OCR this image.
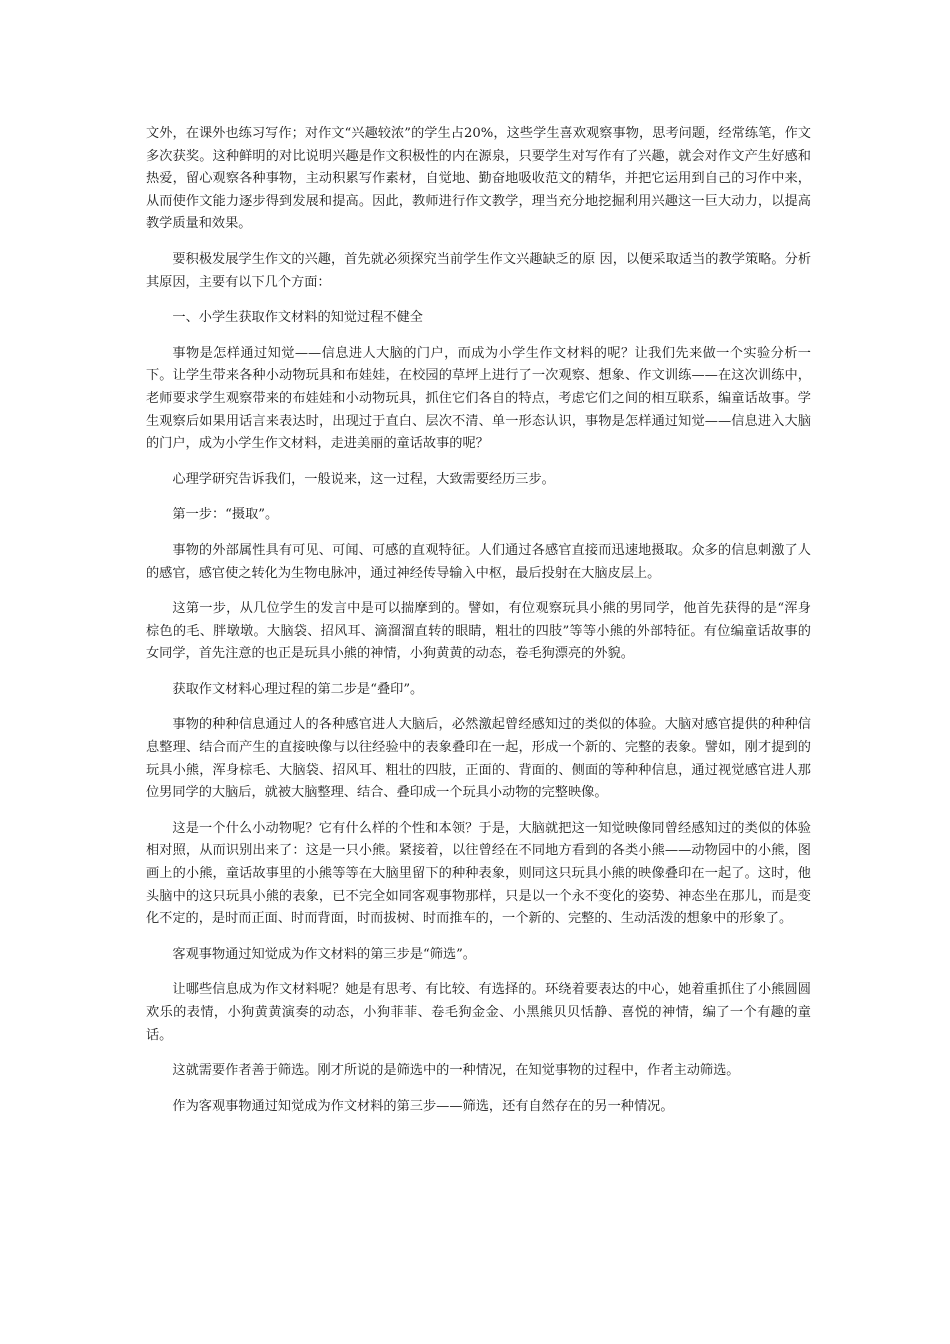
文外，在课外也练习写作；对作文“兴趣较浓”的学生占20%，这些学生喜欢观察事物，思考问题，经常练笔，作文多次获奖。这种鲜明的对比说明兴趣是作文积极性的内在源泉，只要学生对写作有了兴趣，就会对作文产生好感和热爱，留心观察各种事物，主动积累写作素材，自觉地、勤奋地吸收范文的精华，并把它运用到自己的习作中来，从而使作文能力逐步得到发展和提高。因此，教师进行作文教学，理当充分地挖掘利用兴趣这一巨大动力，以提高教学质量和效果。

要积极发展学生作文的兴趣，首先就必须探究当前学生作文兴趣缺乏的原 因，以便采取适当的教学策略。分析其原因，主要有以下几个方面：

一、小学生获取作文材料的知觉过程不健全

事物是怎样通过知觉——信息进人大脑的门户，而成为小学生作文材料的呢？让我们先来做一个实验分析一下。让学生带来各种小动物玩具和布娃娃，在校园的草坪上进行了一次观察、想象、作文训练——在这次训练中，老师要求学生观察带来的布娃娃和小动物玩具，抓住它们各自的特点，考虑它们之间的相互联系，编童话故事。学生观察后如果用话言来表达时，出现过于直白、层次不清、单一形态认识，事物是怎样通过知觉——信息进入大脑的门户，成为小学生作文材料，走进美丽的童话故事的呢？

心理学研究告诉我们，一般说来，这一过程，大致需要经历三步。

第一步：“摄取”。

事物的外部属性具有可见、可闻、可感的直观特征。人们通过各感官直接而迅速地摄取。众多的信息刺激了人的感官，感官使之转化为生物电脉冲，通过神经传导输入中枢，最后投射在大脑皮层上。

这第一步，从几位学生的发言中是可以揣摩到的。譬如，有位观察玩具小熊的男同学，他首先获得的是“浑身棕色的毛、胖墩墩。大脑袋、招风耳、滴溜溜直转的眼睛，粗壮的四肢”等等小熊的外部特征。有位编童话故事的女同学，首先注意的也正是玩具小熊的神情，小狗黄黄的动态，卷毛狗漂亮的外貌。

获取作文材料心理过程的第二步是“叠印”。

事物的种种信息通过人的各种感官进人大脑后，必然激起曾经感知过的类似的体验。大脑对感官提供的种种信息整理、结合而产生的直接映像与以往经验中的表象叠印在一起，形成一个新的、完整的表象。譬如，刚才提到的玩具小熊，浑身棕毛、大脑袋、招风耳、粗壮的四肢，正面的、背面的、侧面的等种种信息，通过视觉感官进人那位男同学的大脑后，就被大脑整理、结合、叠印成一个玩具小动物的完整映像。

这是一个什么小动物呢？它有什么样的个性和本领？于是，大脑就把这一知觉映像同曾经感知过的类似的体验相对照，从而识别出来了：这是一只小熊。紧接着，以往曾经在不同地方看到的各类小熊——动物园中的小熊，图画上的小熊，童话故事里的小熊等等在大脑里留下的种种表象，则同这只玩具小熊的映像叠印在一起了。这时，他头脑中的这只玩具小熊的表象，已不完全如同客观事物那样，只是以一个永不变化的姿势、神态坐在那儿，而是变化不定的，是时而正面、时而背面，时而拔树、时而推车的，一个新的、完整的、生动活泼的想象中的形象了。

客观事物通过知觉成为作文材料的第三步是“筛选”。

让哪些信息成为作文材料呢？她是有思考、有比较、有选择的。环绕着要表达的中心，她着重抓住了小熊圆圆欢乐的表情，小狗黄黄演奏的动态，小狗菲菲、卷毛狗金金、小黑熊贝贝恬静、喜悦的神情，编了一个有趣的童话。

这就需要作者善于筛选。刚才所说的是筛选中的一种情况，在知觉事物的过程中，作者主动筛选。

作为客观事物通过知觉成为作文材料的第三步——筛选，还有自然存在的另一种情况。
